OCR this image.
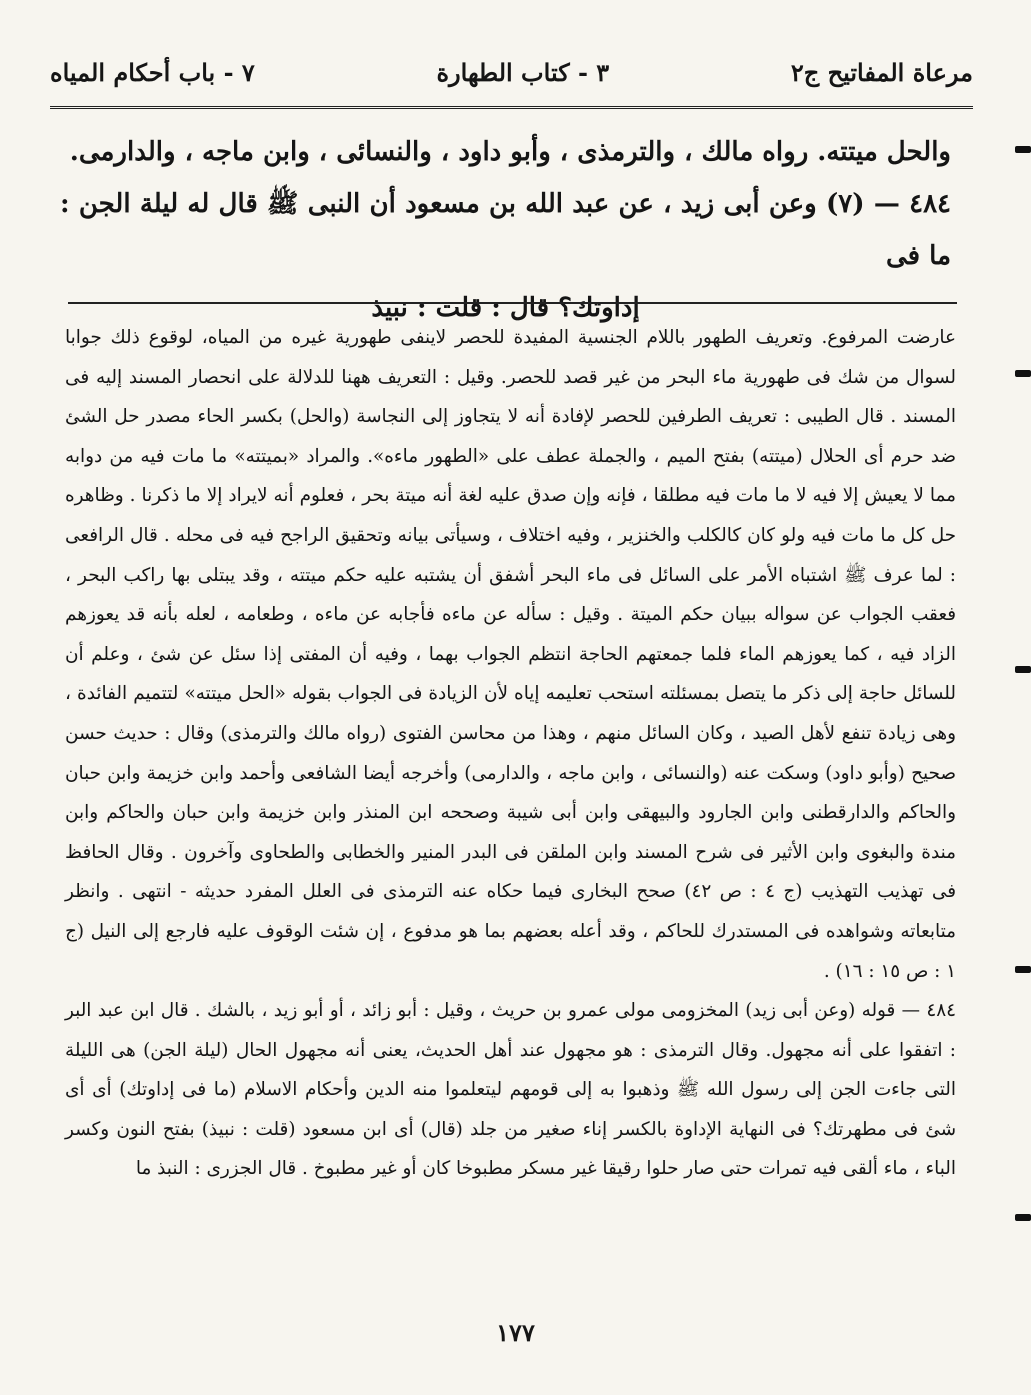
مرعاة المفاتيح ج٢
٣ - كتاب الطهارة
٧ - باب أحكام المياه

والحل ميتته. رواه مالك ، والترمذى ، وأبو داود ، والنسائى ، وابن ماجه ، والدارمى.

٤٨٤ — (٧) وعن أبى زيد ، عن عبد الله بن مسعود أن النبى ﷺ قال له ليلة الجن : ما فى

إداوتك؟ قال : قلت : نبيذ

عارضت المرفوع. وتعريف الطهور باللام الجنسية المفيدة للحصر لاينفى طهورية غيره من المياه، لوقوع ذلك جوابا لسوال من شك فى طهورية ماء البحر من غير قصد للحصر. وقيل : التعريف ههنا للدلالة على انحصار المسند إليه فى المسند . قال الطيبى : تعريف الطرفين للحصر لإفادة أنه لا يتجاوز إلى النجاسة (والحل) بكسر الحاء مصدر حل الشئ ضد حرم أى الحلال (ميتته) بفتح الميم ، والجملة عطف على «الطهور ماءه». والمراد «بميتته» ما مات فيه من دوابه مما لا يعيش إلا فيه لا ما مات فيه مطلقا ، فإنه وإن صدق عليه لغة أنه ميتة بحر ، فعلوم أنه لايراد إلا ما ذكرنا . وظاهره حل كل ما مات فيه ولو كان كالكلب والخنزير ، وفيه اختلاف ، وسيأتى بيانه وتحقيق الراجح فيه فى محله . قال الرافعى : لما عرف ﷺ اشتباه الأمر على السائل فى ماء البحر أشفق أن يشتبه عليه حكم ميتته ، وقد يبتلى بها راكب البحر ، فعقب الجواب عن سواله ببيان حكم الميتة . وقيل : سأله عن ماءه فأجابه عن ماءه ، وطعامه ، لعله بأنه قد يعوزهم الزاد فيه ، كما يعوزهم الماء فلما جمعتهم الحاجة انتظم الجواب بهما ، وفيه أن المفتى إذا سئل عن شئ ، وعلم أن للسائل حاجة إلى ذكر ما يتصل بمسئلته استحب تعليمه إياه لأن الزيادة فى الجواب بقوله «الحل ميتته» لتتميم الفائدة ، وهى زيادة تنفع لأهل الصيد ، وكان السائل منهم ، وهذا من محاسن الفتوى (رواه مالك والترمذى) وقال : حديث حسن صحيح (وأبو داود) وسكت عنه (والنسائى ، وابن ماجه ، والدارمى) وأخرجه أيضا الشافعى وأحمد وابن خزيمة وابن حبان والحاكم والدارقطنى وابن الجارود والبيهقى وابن أبى شيبة وصححه ابن المنذر وابن خزيمة وابن حبان والحاكم وابن مندة والبغوى وابن الأثير فى شرح المسند وابن الملقن فى البدر المنير والخطابى والطحاوى وآخرون . وقال الحافظ فى تهذيب التهذيب (ج ٤ : ص ٤٢) صحح البخارى فيما حكاه عنه الترمذى فى العلل المفرد حديثه - انتهى . وانظر متابعاته وشواهده فى المستدرك للحاكم ، وقد أعله بعضهم بما هو مدفوع ، إن شئت الوقوف عليه فارجع إلى النيل (ج ١ : ص ١٥ : ١٦) .

٤٨٤ — قوله (وعن أبى زيد) المخزومى مولى عمرو بن حريث ، وقيل : أبو زائد ، أو أبو زيد ، بالشك . قال ابن عبد البر : اتفقوا على أنه مجهول. وقال الترمذى : هو مجهول عند أهل الحديث، يعنى أنه مجهول الحال (ليلة الجن) هى الليلة التى جاءت الجن إلى رسول الله ﷺ وذهبوا به إلى قومهم ليتعلموا منه الدين وأحكام الاسلام (ما فى إداوتك) أى أى شئ فى مطهرتك؟ فى النهاية الإداوة بالكسر إناء صغير من جلد (قال) أى ابن مسعود (قلت : نبيذ) بفتح النون وكسر الباء ، ماء ألقى فيه تمرات حتى صار حلوا رقيقا غير مسكر مطبوخا كان أو غير مطبوخ . قال الجزرى : النبذ ما

١٧٧
